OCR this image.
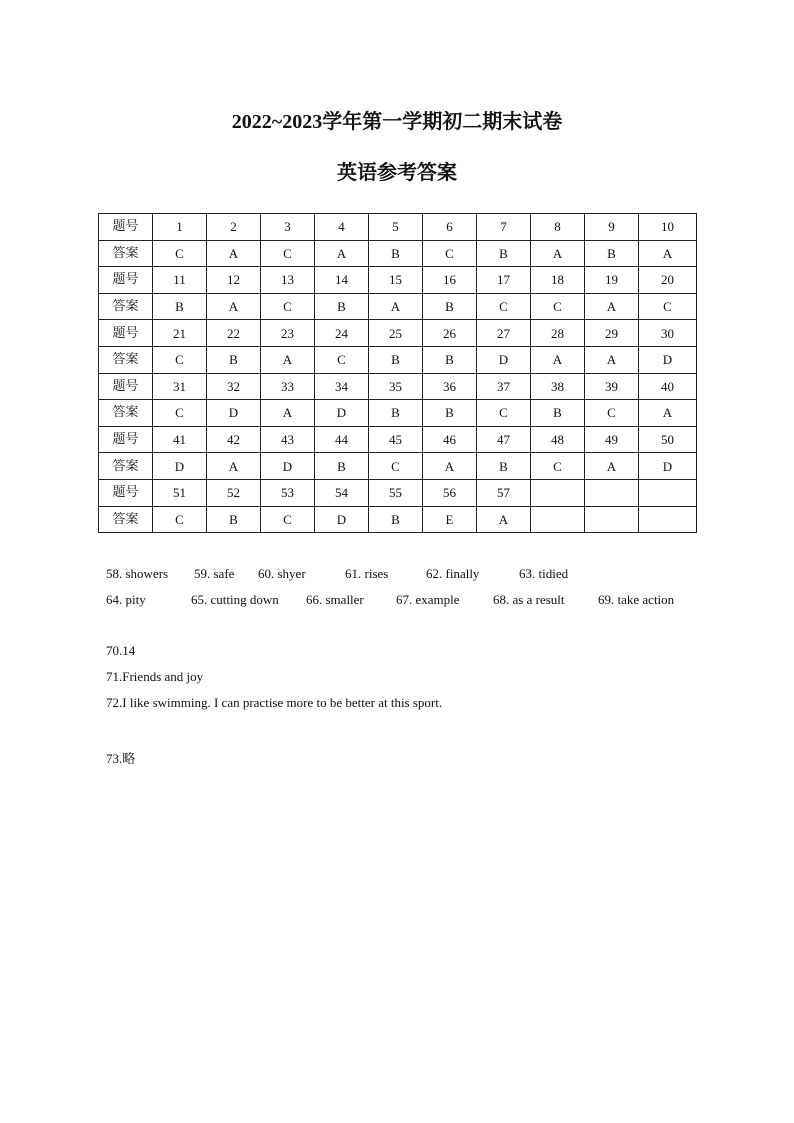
2022~2023学年第一学期初二期末试卷
英语参考答案
题号	1	2	3	4	5	6	7	8	9	10
答案	C	A	C	A	B	C	B	A	B	A
题号	11	12	13	14	15	16	17	18	19	20
答案	B	A	C	B	A	B	C	C	A	C
题号	21	22	23	24	25	26	27	28	29	30
答案	C	B	A	C	B	B	D	A	A	D
题号	31	32	33	34	35	36	37	38	39	40
答案	C	D	A	D	B	B	C	B	C	A
题号	41	42	43	44	45	46	47	48	49	50
答案	D	A	D	B	C	A	B	C	A	D
题号	51	52	53	54	55	56	57			
答案	C	B	C	D	B	E	A			
58. showers 59. safe 60. shyer	61. rises	62. finally	63. tidied
64. pity	65. cutting down 66. smaller 67. example	68. as a result	69. take action
70.14
71.Friends and joy
72.I like swimming. I can practise more to be better at this sport.
73.略
